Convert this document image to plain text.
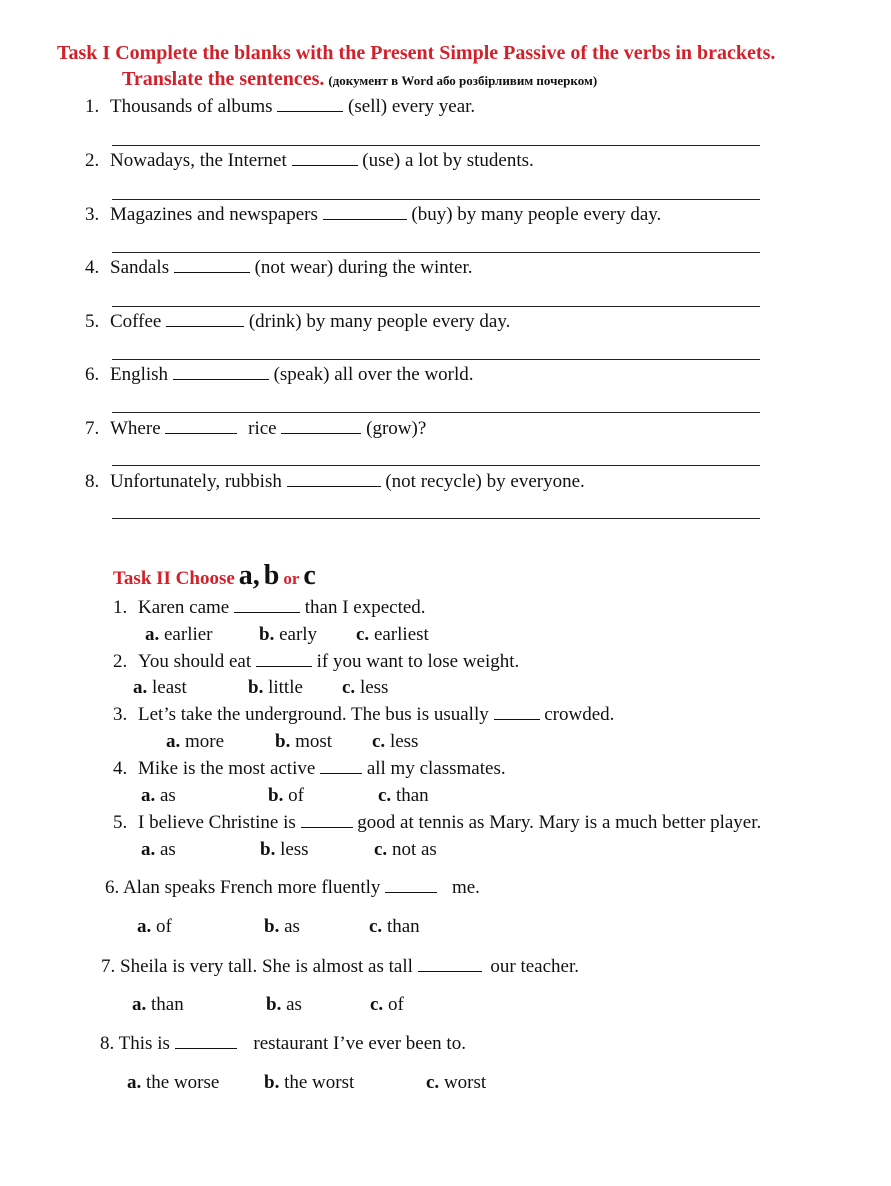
Task I Complete the blanks with the Present Simple Passive of the verbs in brackets.
Translate the sentences. (документ в Word або розбірливим почерком)
1. Thousands of albums	(sell) every year.
2. Nowadays, the Internet	(use) a lot by students.
3. Magazines and newspapers	(buy) by many people every day.
4. Sandals	(not wear) during the winter.
5. Coffee	(drink) by many people every day.
6. English	(speak) all over the world.
7. Where	rice	(grow)?
8. Unfortunately, rubbish	(not recycle) by everyone.
Task II Choose a, b or c
1. Karen came	than I expected.
a. earlier b. early c. earliest
2. You should eat	if you want to lose weight.
a. least	b. little c. less
3. Let’s take the underground. The bus is usually	crowded.
a. more	b. most c. less
4. Mike is the most active	all my classmates.
a. as	b. of	c. than
5. I believe Christine is	good at tennis as Mary. Mary is a much better player.
a. as	b. less	c. not as
6. Alan speaks French more fluently	me.
a. of	b. as	c. than
7. Sheila is very tall. She is almost as tall	our teacher.
a. than	b. as	c. of
8. This is	restaurant I’ve ever been to.
a. the worse b. the worst	c. worst
